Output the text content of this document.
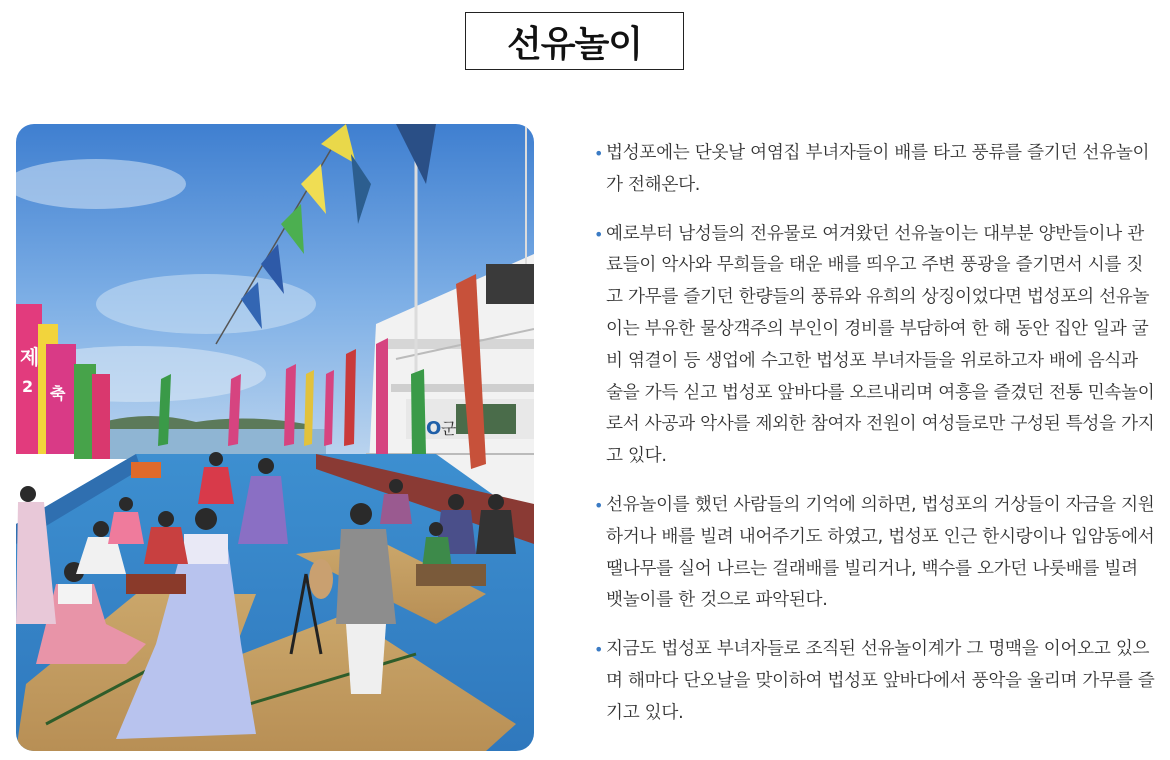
선유놀이
O 군
제
2 축
• 법성포에는 단옷날 여염집 부녀자들이 배를 타고 풍류를 즐기던 선유놀이
가 전해온다.
• 예로부터 남성들의 전유물로 여겨왔던 선유놀이는 대부분 양반들이나 관
료들이 악사와 무희들을 태운 배를 띄우고 주변 풍광을 즐기면서 시를 짓
고 가무를 즐기던 한량들의 풍류와 유희의 상징이었다면 법성포의 선유놀
이는 부유한 물상객주의 부인이 경비를 부담하여 한 해 동안 집안 일과 굴
비 엮결이 등 생업에 수고한 법성포 부녀자들을 위로하고자 배에 음식과
술을 가득 싣고 법성포 앞바다를 오르내리며 여흥을 즐겼던 전통 민속놀이
로서 사공과 악사를 제외한 참여자 전원이 여성들로만 구성된 특성을 가지
고 있다.
• 선유놀이를 했던 사람들의 기억에 의하면, 법성포의 거상들이 자금을 지원
하거나 배를 빌려 내어주기도 하였고, 법성포 인근 한시랑이나 입암동에서
땔나무를 실어 나르는 걸래배를 빌리거나, 백수를 오가던 나룻배를 빌려
뱃놀이를 한 것으로 파악된다.
• 지금도 법성포 부녀자들로 조직된 선유놀이계가 그 명맥을 이어오고 있으
며 해마다 단오날을 맞이하여 법성포 앞바다에서 풍악을 울리며 가무를 즐
기고 있다.
